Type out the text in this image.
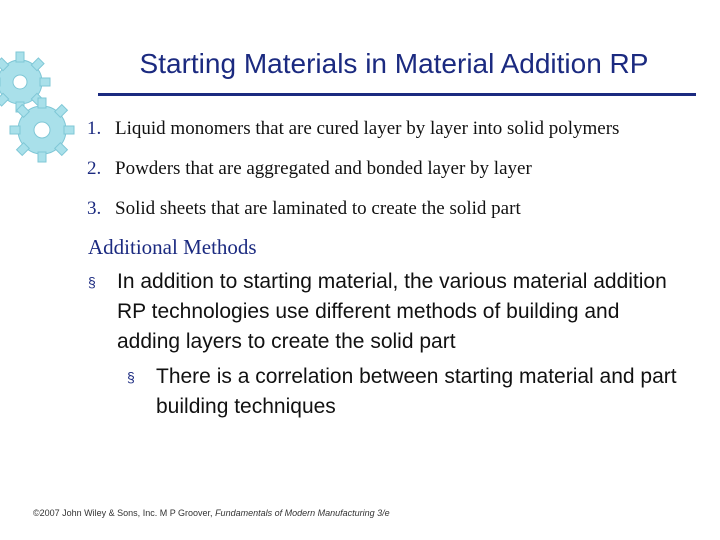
Starting Materials in Material Addition RP
1. Liquid monomers that are cured layer by layer into solid polymers
2. Powders that are aggregated and bonded layer by layer
3. Solid sheets that are laminated to create the solid part
Additional Methods
§ In addition to starting material, the various material addition RP technologies use different methods of building and adding layers to create the solid part
§ There is a correlation between starting material and part building techniques
©2007 John Wiley & Sons, Inc. M P Groover, Fundamentals of Modern Manufacturing 3/e
